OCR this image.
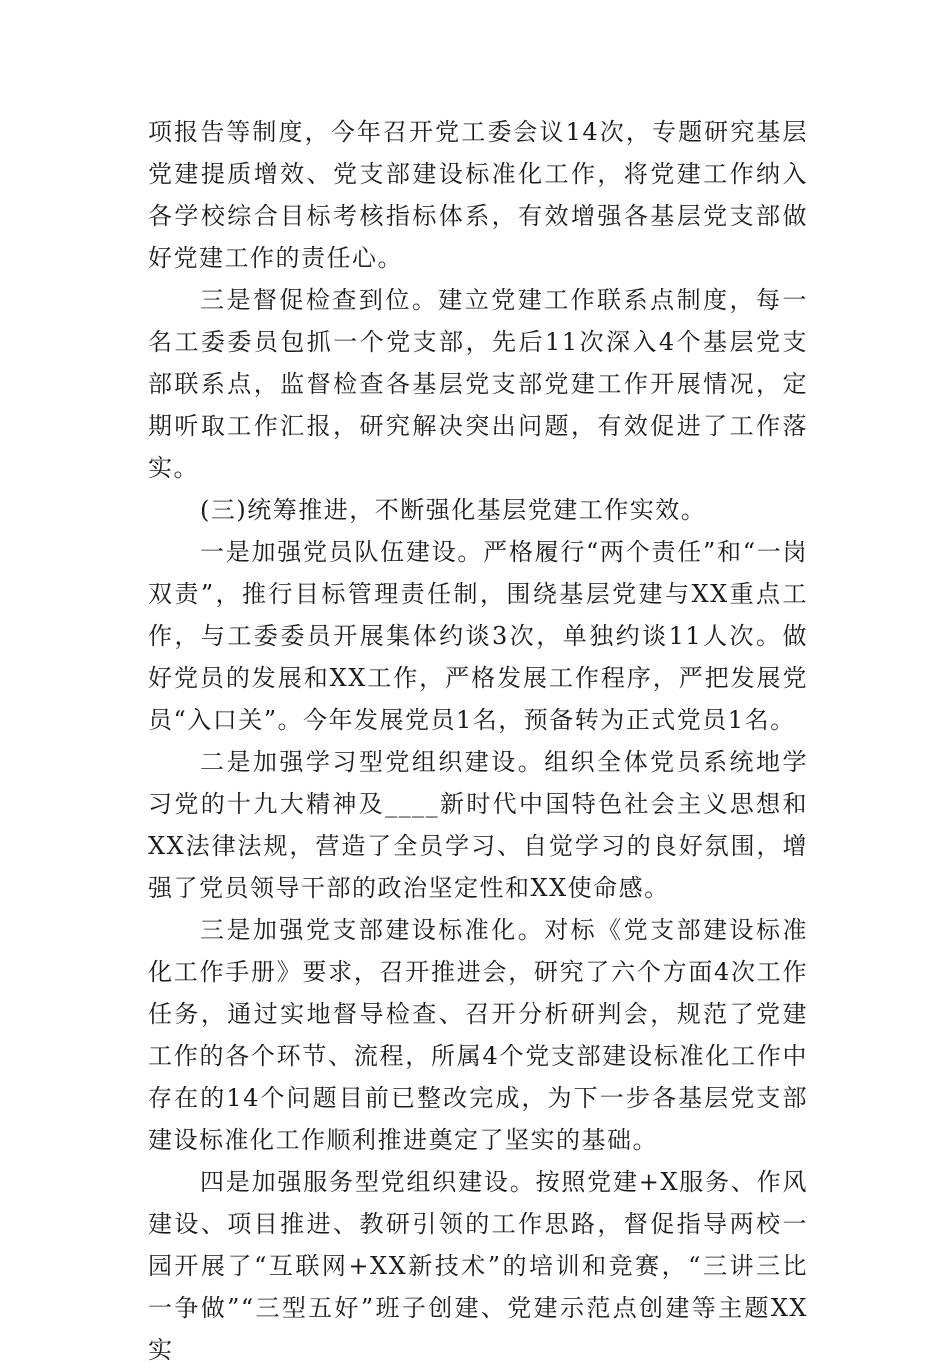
项报告等制度，今年召开党工委会议14次，专题研究基层党建提质增效、党支部建设标准化工作，将党建工作纳入各学校综合目标考核指标体系，有效增强各基层党支部做好党建工作的责任心。

三是督促检查到位。建立党建工作联系点制度，每一名工委委员包抓一个党支部，先后11次深入4个基层党支部联系点，监督检查各基层党支部党建工作开展情况，定期听取工作汇报，研究解决突出问题，有效促进了工作落实。

(三)统筹推进，不断强化基层党建工作实效。

一是加强党员队伍建设。严格履行“两个责任”和“一岗双责”，推行目标管理责任制，围绕基层党建与XX重点工作，与工委委员开展集体约谈3次，单独约谈11人次。做好党员的发展和XX工作，严格发展工作程序，严把发展党员“入口关”。今年发展党员1名，预备转为正式党员1名。

二是加强学习型党组织建设。组织全体党员系统地学习党的十九大精神及____新时代中国特色社会主义思想和XX法律法规，营造了全员学习、自觉学习的良好氛围，增强了党员领导干部的政治坚定性和XX使命感。

三是加强党支部建设标准化。对标《党支部建设标准化工作手册》要求，召开推进会，研究了六个方面4次工作任务，通过实地督导检查、召开分析研判会，规范了党建工作的各个环节、流程，所属4个党支部建设标准化工作中存在的14个问题目前已整改完成，为下一步各基层党支部建设标准化工作顺利推进奠定了坚实的基础。

四是加强服务型党组织建设。按照党建+X服务、作风建设、项目推进、教研引领的工作思路，督促指导两校一园开展了“互联网+XX新技术”的培训和竞赛，“三讲三比一争做”“三型五好”班子创建、党建示范点创建等主题XX实
